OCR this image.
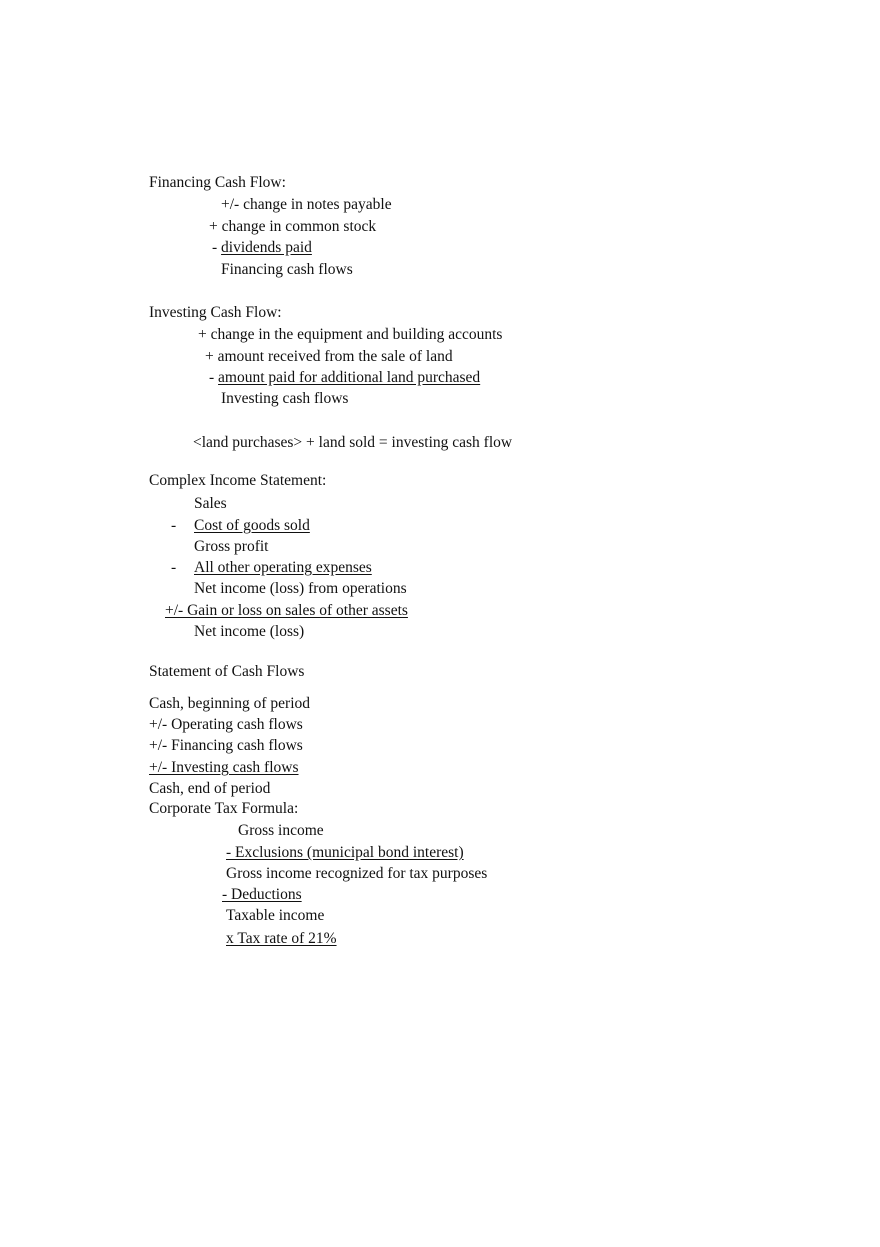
Financing Cash Flow:
+/- change in notes payable
+ change in common stock
- dividends paid
Financing cash flows
Investing Cash Flow:
+ change in the equipment and building accounts
+ amount received from the sale of land
- amount paid for additional land purchased
Investing cash flows
<land purchases> + land sold = investing cash flow
Complex Income Statement:
Sales
- Cost of goods sold
Gross profit
- All other operating expenses
Net income (loss) from operations
+/- Gain or loss on sales of other assets
Net income (loss)
Statement of Cash Flows
Cash, beginning of period
+/- Operating cash flows
+/- Financing cash flows
+/- Investing cash flows
Cash, end of period
Corporate Tax Formula:
Gross income
- Exclusions (municipal bond interest)
Gross income recognized for tax purposes
- Deductions
Taxable income
x Tax rate of 21%
